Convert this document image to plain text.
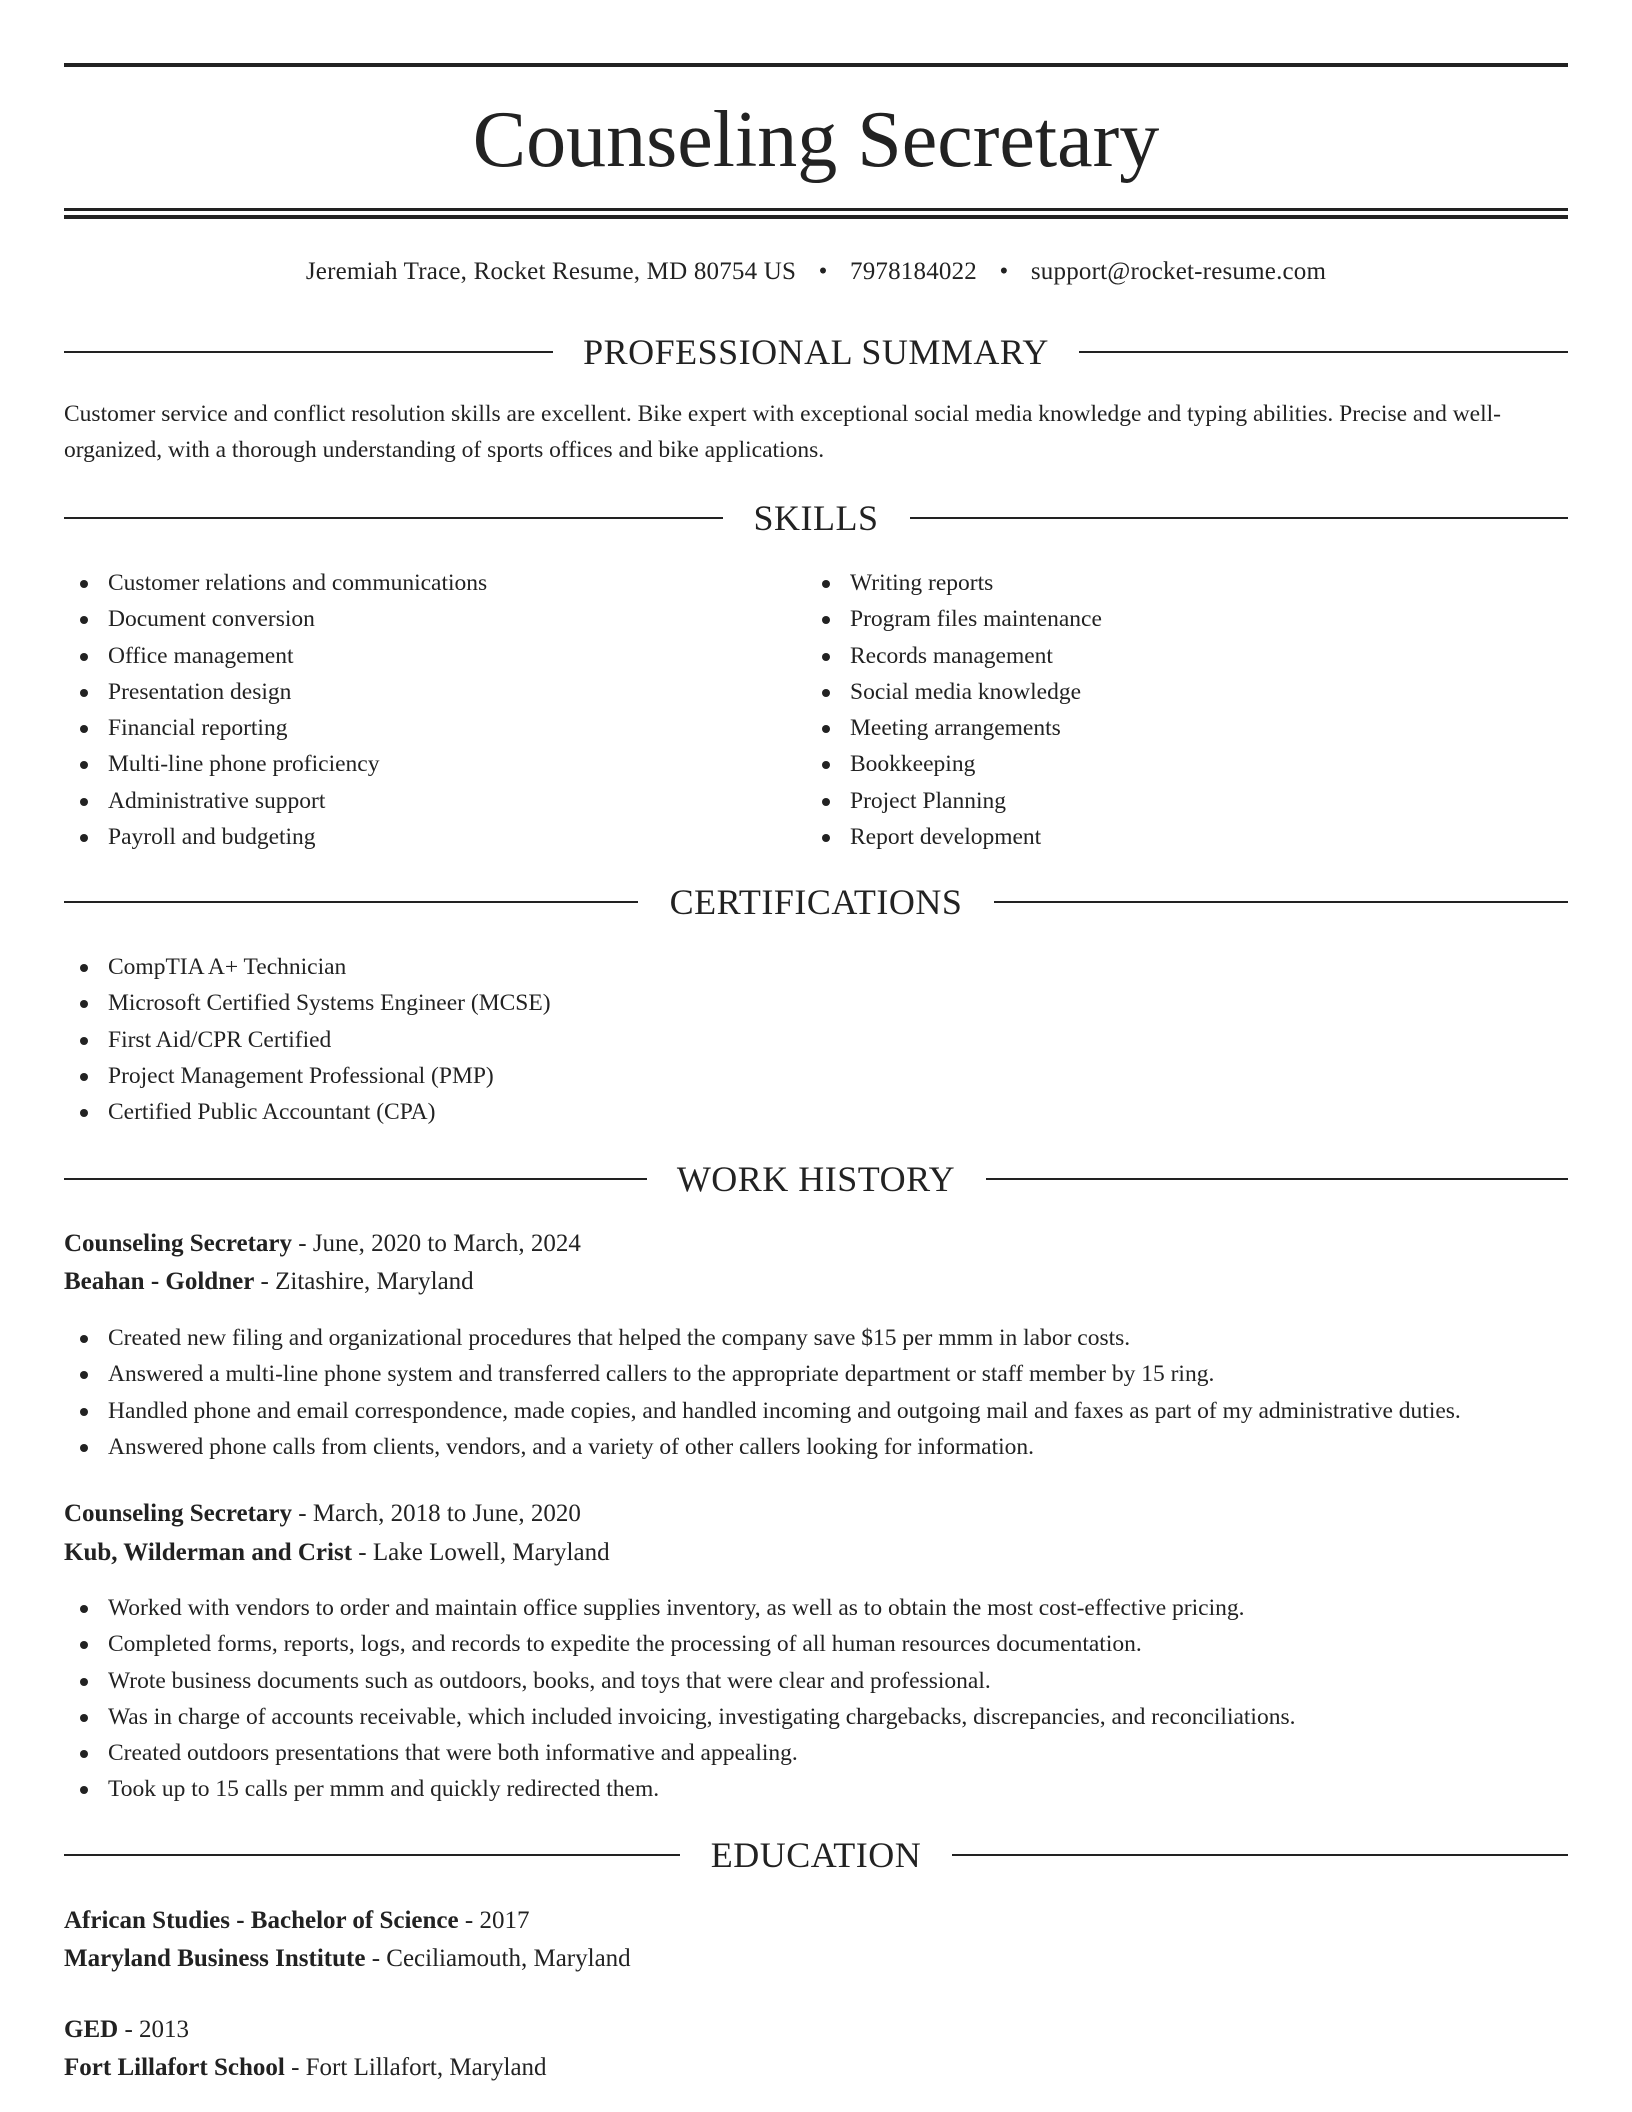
Counseling Secretary
Jeremiah Trace, Rocket Resume, MD 80754 US • 7978184022 • support@rocket-resume.com
PROFESSIONAL SUMMARY

Customer service and conflict resolution skills are excellent. Bike expert with exceptional social media knowledge and typing abilities. Precise and well-organized, with a thorough understanding of sports offices and bike applications.

SKILLS
Customer relations and communications
Document conversion
Office management
Presentation design
Financial reporting
Multi-line phone proficiency
Administrative support
Payroll and budgeting
Writing reports
Program files maintenance
Records management
Social media knowledge
Meeting arrangements
Bookkeeping
Project Planning
Report development
CERTIFICATIONS
CompTIA A+ Technician
Microsoft Certified Systems Engineer (MCSE)
First Aid/CPR Certified
Project Management Professional (PMP)
Certified Public Accountant (CPA)
WORK HISTORY
Counseling Secretary - June, 2020 to March, 2024
Beahan - Goldner - Zitashire, Maryland
Created new filing and organizational procedures that helped the company save $15 per mmm in labor costs.
Answered a multi-line phone system and transferred callers to the appropriate department or staff member by 15 ring.
Handled phone and email correspondence, made copies, and handled incoming and outgoing mail and faxes as part of my administrative duties.
Answered phone calls from clients, vendors, and a variety of other callers looking for information.
Counseling Secretary - March, 2018 to June, 2020
Kub, Wilderman and Crist - Lake Lowell, Maryland
Worked with vendors to order and maintain office supplies inventory, as well as to obtain the most cost-effective pricing.
Completed forms, reports, logs, and records to expedite the processing of all human resources documentation.
Wrote business documents such as outdoors, books, and toys that were clear and professional.
Was in charge of accounts receivable, which included invoicing, investigating chargebacks, discrepancies, and reconciliations.
Created outdoors presentations that were both informative and appealing.
Took up to 15 calls per mmm and quickly redirected them.
EDUCATION
African Studies - Bachelor of Science - 2017
Maryland Business Institute - Ceciliamouth, Maryland
GED - 2013
Fort Lillafort School - Fort Lillafort, Maryland
